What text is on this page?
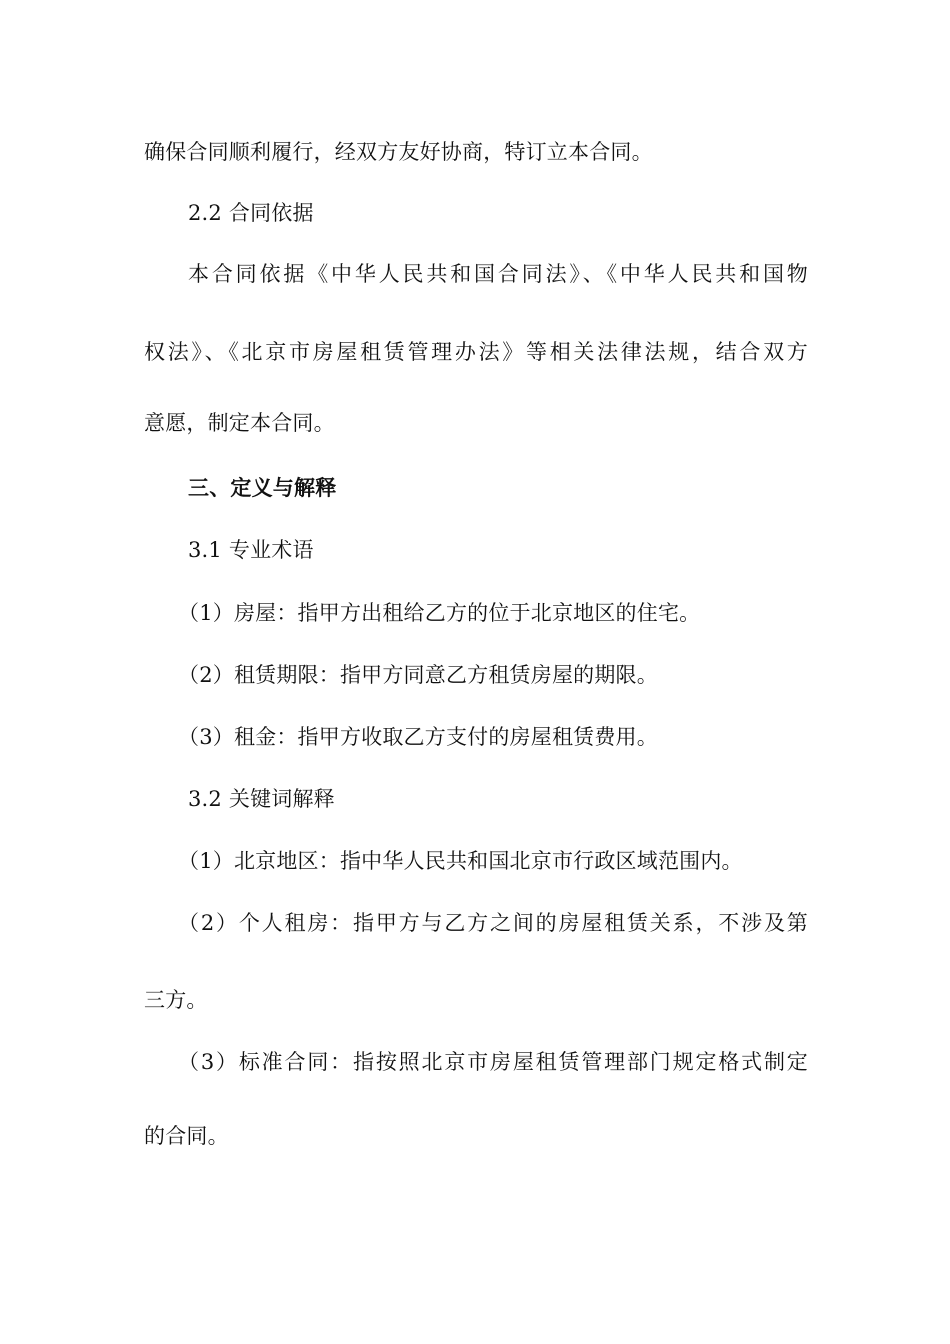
确保合同顺利履行，经双方友好协商，特订立本合同。
2.2 合同依据
本合同依据《中华人民共和国合同法》、《中华人民共和国物
权法》、《北京市房屋租赁管理办法》等相关法律法规，结合双方
意愿，制定本合同。
三、定义与解释
3.1 专业术语
（1）房屋：指甲方出租给乙方的位于北京地区的住宅。
（2）租赁期限：指甲方同意乙方租赁房屋的期限。
（3）租金：指甲方收取乙方支付的房屋租赁费用。
3.2 关键词解释
（1）北京地区：指中华人民共和国北京市行政区域范围内。
（2）个人租房：指甲方与乙方之间的房屋租赁关系，不涉及第
三方。
（3）标准合同：指按照北京市房屋租赁管理部门规定格式制定
的合同。
